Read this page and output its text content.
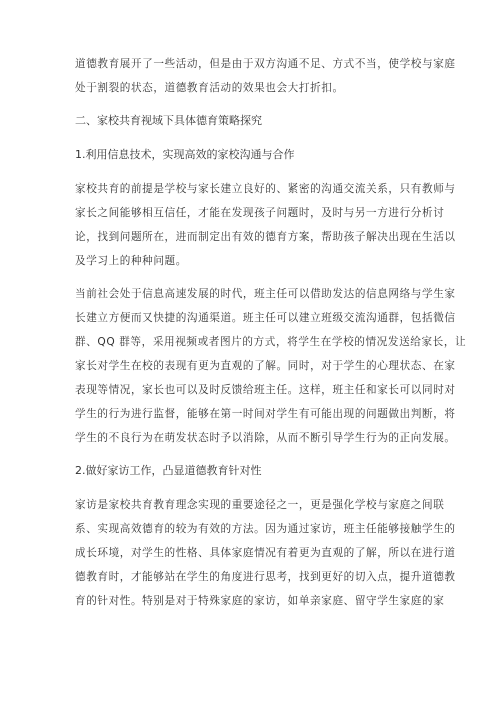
道德教育展开了一些活动，但是由于双方沟通不足、方式不当，使学校与家庭
处于割裂的状态，道德教育活动的效果也会大打折扣。

二、家校共育视域下具体德育策略探究
1.利用信息技术，实现高效的家校沟通与合作

家校共育的前提是学校与家长建立良好的、紧密的沟通交流关系，只有教师与
家长之间能够相互信任，才能在发现孩子问题时，及时与另一方进行分析讨
论，找到问题所在，进而制定出有效的德育方案，帮助孩子解决出现在生活以
及学习上的种种问题。

当前社会处于信息高速发展的时代，班主任可以借助发达的信息网络与学生家
长建立方便而又快捷的沟通渠道。班主任可以建立班级交流沟通群，包括微信
群、QQ 群等，采用视频或者图片的方式，将学生在学校的情况发送给家长，让
家长对学生在校的表现有更为直观的了解。同时，对于学生的心理状态、在家
表现等情况，家长也可以及时反馈给班主任。这样，班主任和家长可以同时对
学生的行为进行监督，能够在第一时间对学生有可能出现的问题做出判断，将
学生的不良行为在萌发状态时予以消除，从而不断引导学生行为的正向发展。

2.做好家访工作，凸显道德教育针对性

家访是家校共育教育理念实现的重要途径之一，更是强化学校与家庭之间联
系、实现高效德育的较为有效的方法。因为通过家访，班主任能够接触学生的
成长环境，对学生的性格、具体家庭情况有着更为直观的了解，所以在进行道
德教育时，才能够站在学生的角度进行思考，找到更好的切入点，提升道德教
育的针对性。特别是对于特殊家庭的家访，如单亲家庭、留守学生家庭的家
